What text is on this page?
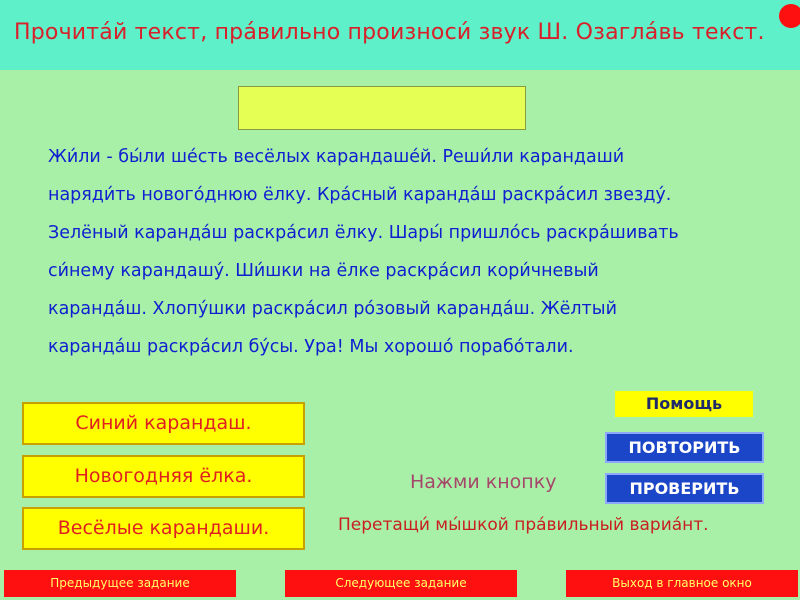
Прочита́й текст, пра́вильно произноси́ звук Ш. Озагла́вь текст.
Жи́ли - бы́ли ше́сть весёлых карандаше́й. Реши́ли карандаши́
наряди́ть нового́днюю ёлку. Кра́сный каранда́ш раскра́сил звезду́.
Зелёный каранда́ш раскра́сил ёлку. Шары́ пришло́сь раскра́шивать
си́нему карандашу́. Ши́шки на ёлке раскра́сил кори́чневый
каранда́ш. Хлопу́шки раскра́сил ро́зовый каранда́ш. Жёлтый
каранда́ш раскра́сил бу́сы. Ура! Мы хорошо́ порабо́тали.
Синий карандаш.
Новогодняя ёлка.
Весёлые карандаши.
Помощь
ПОВТОРИТЬ
ПРОВЕРИТЬ
Нажми кнопку
Перетащи́ мы́шкой пра́вильный вариа́нт.
Предыдущее задание	Следующее задание	Выход в главное окно
